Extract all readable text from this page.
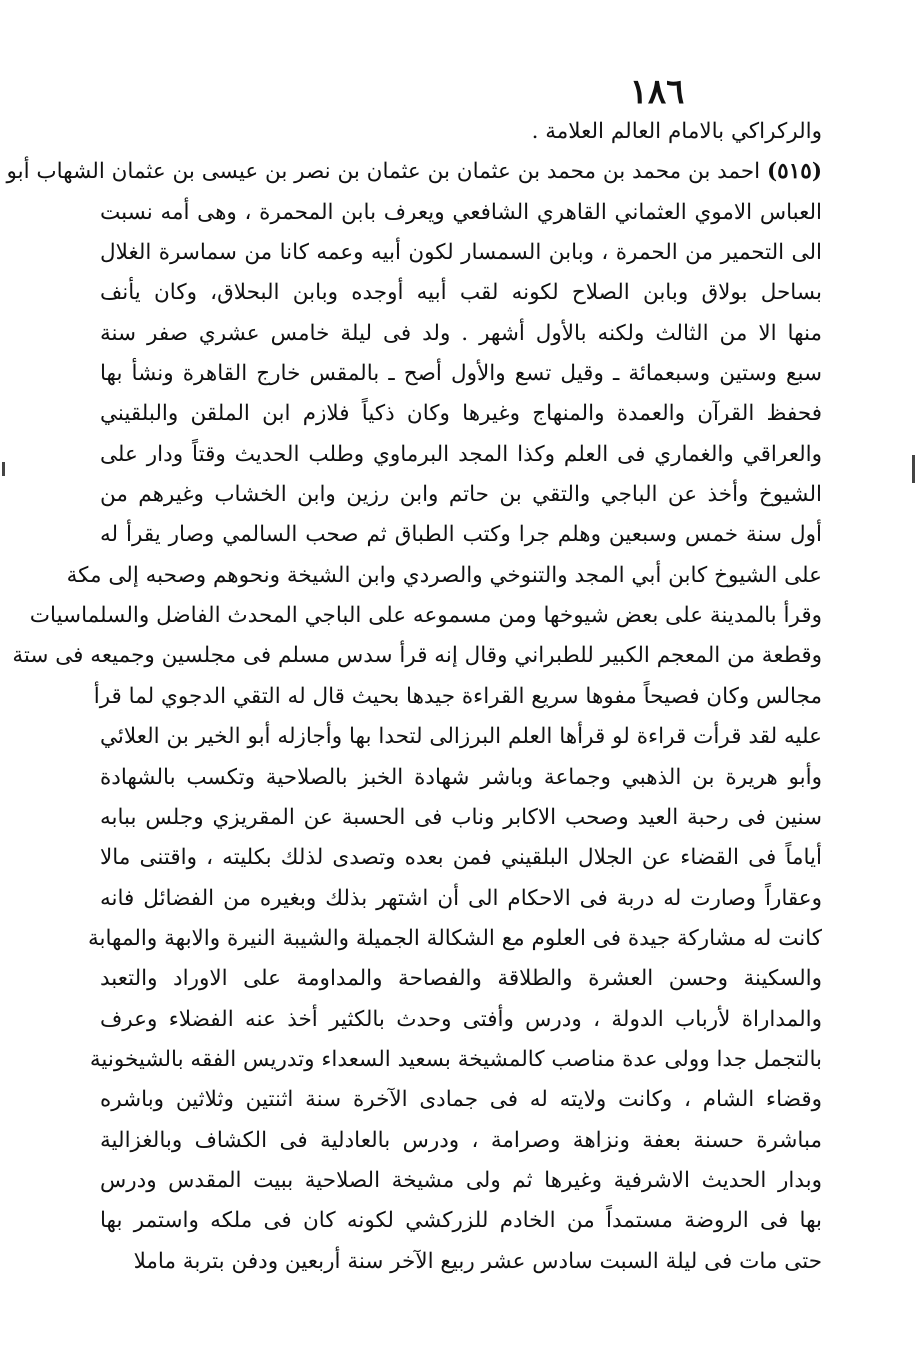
١٨٦
والركراكي بالامام العالم العلامة .
(٥١٥) احمد بن محمد بن محمد بن عثمان بن عثمان بن نصر بن عيسى بن عثمان الشهاب أبو
العباس الاموي العثماني القاهري الشافعي ويعرف بابن المحمرة ، وهى أمه نسبت
الى التحمير من الحمرة ، وبابن السمسار لكون أبيه وعمه كانا من سماسرة الغلال
بساحل بولاق وبابن الصلاح لكونه لقب أبيه أوجده وبابن البحلاق، وكان يأنف
منها الا من الثالث ولكنه بالأول أشهر . ولد فى ليلة خامس عشري صفر سنة
سبع وستين وسبعمائة ـ وقيل تسع والأول أصح ـ بالمقس خارج القاهرة ونشأ بها
فحفظ القرآن والعمدة والمنهاج وغيرها وكان ذكياً فلازم ابن الملقن والبلقيني
والعراقي والغماري فى العلم وكذا المجد البرماوي وطلب الحديث وقتاً ودار على
الشيوخ وأخذ عن الباجي والتقي بن حاتم وابن رزين وابن الخشاب وغيرهم من
أول سنة خمس وسبعين وهلم جرا وكتب الطباق ثم صحب السالمي وصار يقرأ له
على الشيوخ كابن أبي المجد والتنوخي والصردي وابن الشيخة ونحوهم وصحبه إلى مكة
وقرأ بالمدينة على بعض شيوخها ومن مسموعه على الباجي المحدث الفاضل والسلماسيات
وقطعة من المعجم الكبير للطبراني وقال إنه قرأ سدس مسلم فى مجلسين وجميعه فى ستة
مجالس وكان فصيحاً مفوها سريع القراءة جيدها بحيث قال له التقي الدجوي لما قرأ
عليه لقد قرأت قراءة لو قرأها العلم البرزالى لتحدا بها وأجازله أبو الخير بن العلائي
وأبو هريرة بن الذهبي وجماعة وباشر شهادة الخبز بالصلاحية وتكسب بالشهادة
سنين فى رحبة العيد وصحب الاكابر وناب فى الحسبة عن المقريزي وجلس ببابه
أياماً فى القضاء عن الجلال البلقيني فمن بعده وتصدى لذلك بكليته ، واقتنى مالا
وعقاراً وصارت له دربة فى الاحكام الى أن اشتهر بذلك وبغيره من الفضائل فانه
كانت له مشاركة جيدة فى العلوم مع الشكالة الجميلة والشيبة النيرة والابهة والمهابة
والسكينة وحسن العشرة والطلاقة والفصاحة والمداومة على الاوراد والتعبد
والمداراة لأرباب الدولة ، ودرس وأفتى وحدث بالكثير أخذ عنه الفضلاء وعرف
بالتجمل جدا وولى عدة مناصب كالمشيخة بسعيد السعداء وتدريس الفقه بالشيخونية
وقضاء الشام ، وكانت ولايته له فى جمادى الآخرة سنة اثنتين وثلاثين وباشره
مباشرة حسنة بعفة ونزاهة وصرامة ، ودرس بالعادلية فى الكشاف وبالغزالية
وبدار الحديث الاشرفية وغيرها ثم ولى مشيخة الصلاحية ببيت المقدس ودرس
بها فى الروضة مستمداً من الخادم للزركشي لكونه كان فى ملكه واستمر بها
حتى مات فى ليلة السبت سادس عشر ربيع الآخر سنة أربعين ودفن بتربة ماملا
